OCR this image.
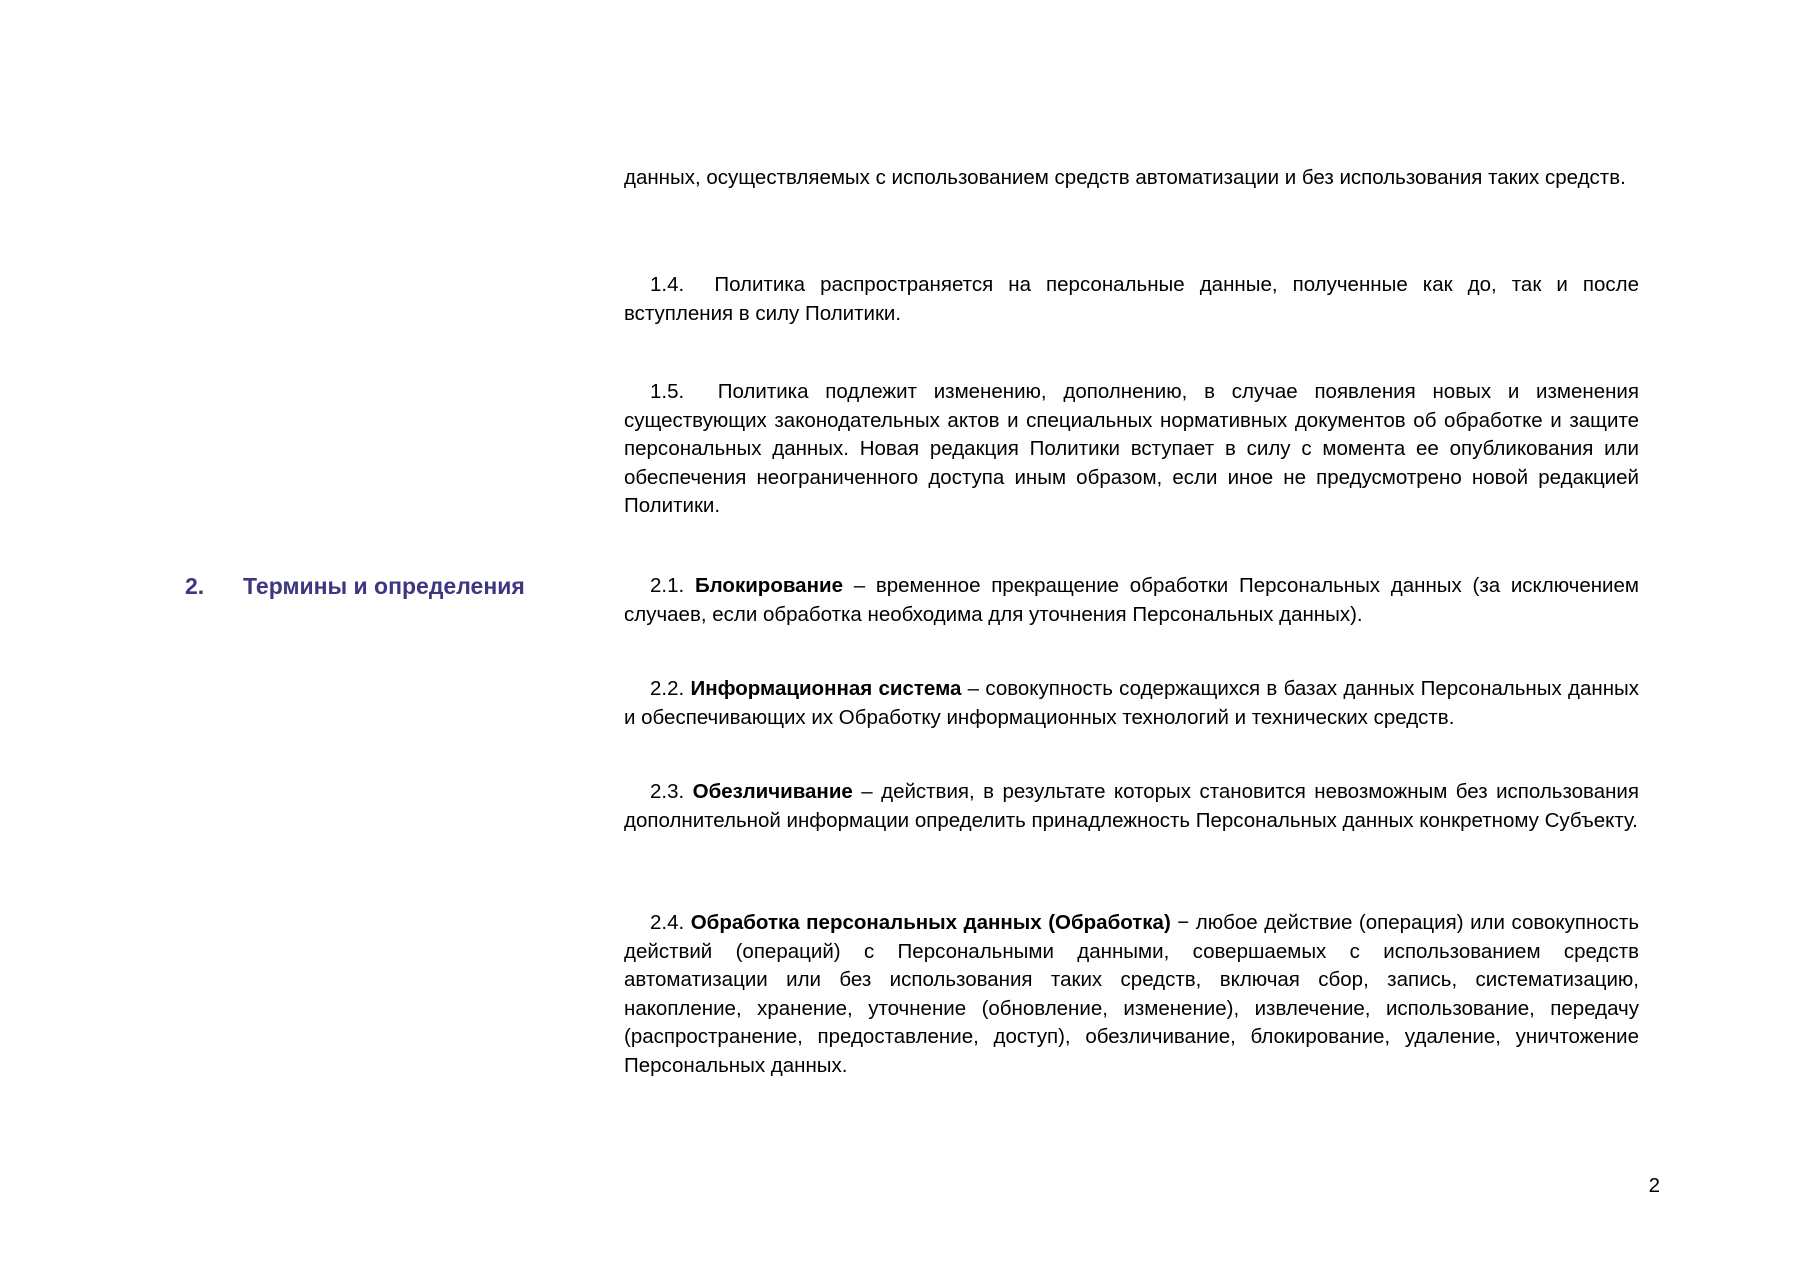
данных, осуществляемых с использованием средств автоматизации и без использования таких средств.

1.4. Политика распространяется на персональные данные, полученные как до, так и после вступления в силу Политики.

1.5. Политика подлежит изменению, дополнению, в случае появления новых и изменения существующих законодательных актов и специальных нормативных документов об обработке и защите персональных данных. Новая редакция Политики вступает в силу с момента ее опубликования или обеспечения неограниченного доступа иным образом, если иное не предусмотрено новой редакцией Политики.

2.	Термины и определения	2.1. Блокирование – временное прекращение обработки Персональных данных (за исключением случаев, если обработка необходима для уточнения Персональных данных).

2.2. Информационная система – совокупность содержащихся в базах данных Персональных данных и обеспечивающих их Обработку информационных технологий и технических средств.

2.3. Обезличивание – действия, в результате которых становится невозможным без использования дополнительной информации определить принадлежность Персональных данных конкретному Субъекту.

2.4. Обработка персональных данных (Обработка) − любое действие (операция) или совокупность действий (операций) с Персональными данными, совершаемых с использованием средств автоматизации или без использования таких средств, включая сбор, запись, систематизацию, накопление, хранение, уточнение (обновление, изменение), извлечение, использование, передачу (распространение, предоставление, доступ), обезличивание, блокирование, удаление, уничтожение Персональных данных.

2
